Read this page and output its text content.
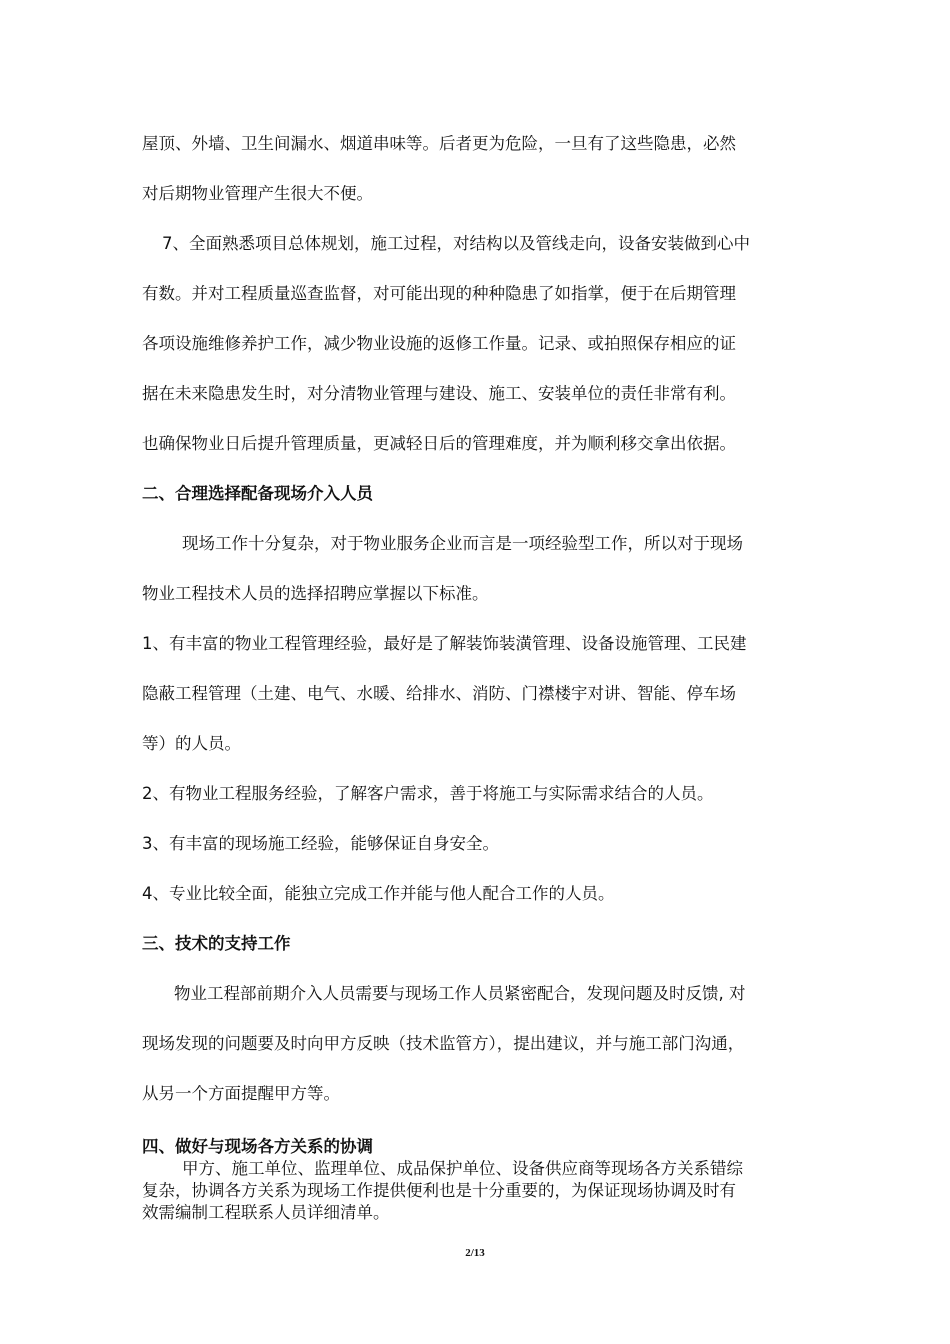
屋顶、外墙、卫生间漏水、烟道串味等。后者更为危险，一旦有了这些隐患，必然
对后期物业管理产生很大不便。
7、全面熟悉项目总体规划，施工过程，对结构以及管线走向，设备安装做到心中
有数。并对工程质量巡查监督，对可能出现的种种隐患了如指掌，便于在后期管理
各项设施维修养护工作，减少物业设施的返修工作量。记录、或拍照保存相应的证
据在未来隐患发生时，对分清物业管理与建设、施工、安装单位的责任非常有利。
也确保物业日后提升管理质量，更减轻日后的管理难度，并为顺利移交拿出依据。
二、合理选择配备现场介入人员
现场工作十分复杂，对于物业服务企业而言是一项经验型工作，所以对于现场
物业工程技术人员的选择招聘应掌握以下标准。
1、有丰富的物业工程管理经验，最好是了解装饰装潢管理、设备设施管理、工民建
隐蔽工程管理（土建、电气、水暖、给排水、消防、门襟楼宇对讲、智能、停车场
等）的人员。
2、有物业工程服务经验，了解客户需求，善于将施工与实际需求结合的人员。
3、有丰富的现场施工经验，能够保证自身安全。
4、专业比较全面，能独立完成工作并能与他人配合工作的人员。
三、技术的支持工作
物业工程部前期介入人员需要与现场工作人员紧密配合，发现问题及时反馈, 对
现场发现的问题要及时向甲方反映（技术监管方），提出建议，并与施工部门沟通，
从另一个方面提醒甲方等。
四、做好与现场各方关系的协调
甲方、施工单位、监理单位、成品保护单位、设备供应商等现场各方关系错综
复杂，协调各方关系为现场工作提供便利也是十分重要的，为保证现场协调及时有
效需编制工程联系人员详细清单。
2/13
